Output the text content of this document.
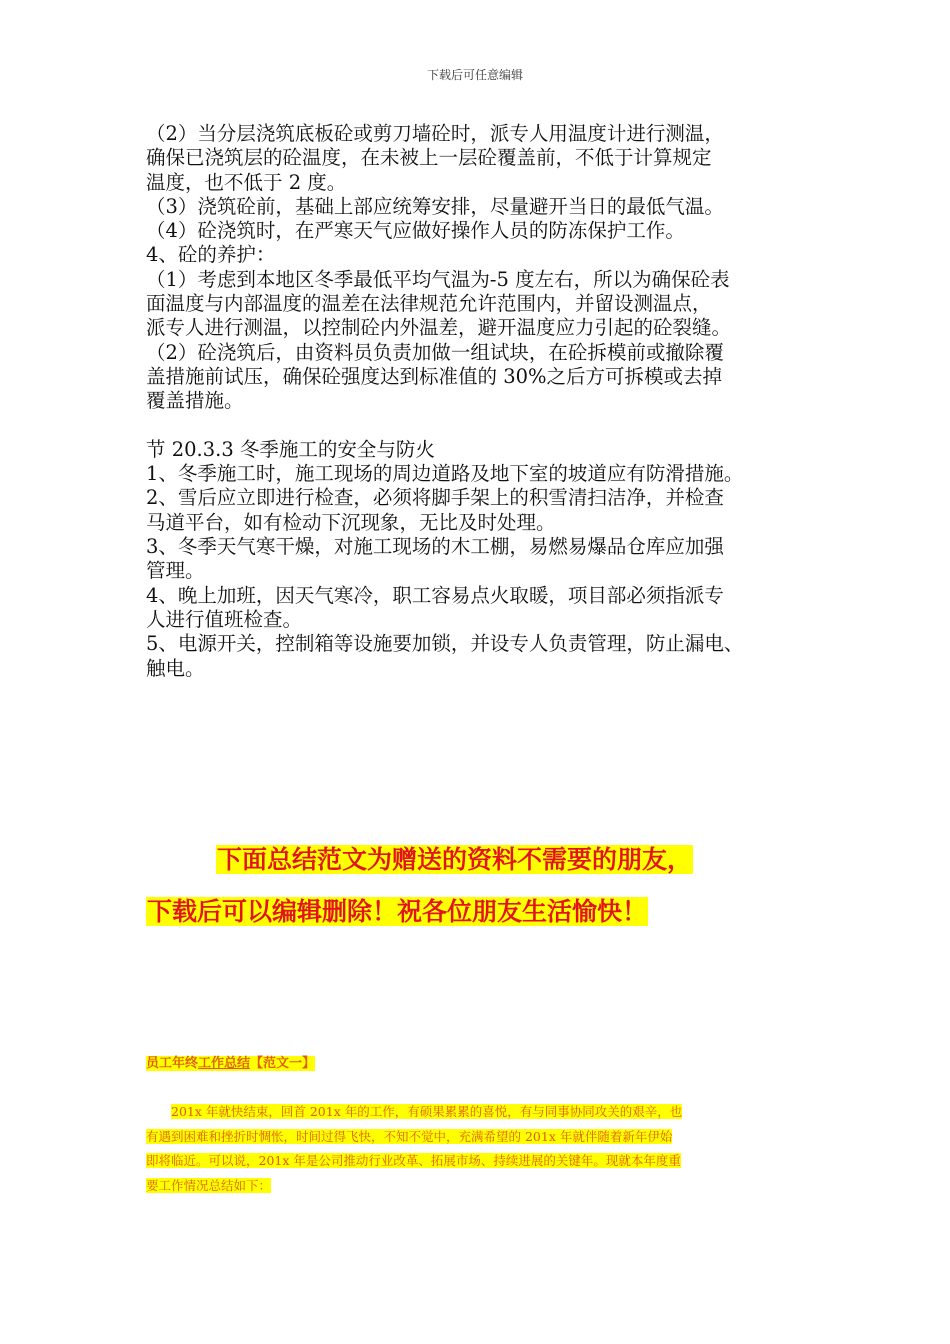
下载后可任意编辑

（2）当分层浇筑底板砼或剪刀墙砼时，派专人用温度计进行测温，

确保已浇筑层的砼温度，在未被上一层砼覆盖前，不低于计算规定

温度，也不低于 2 度。

（3）浇筑砼前，基础上部应统筹安排，尽量避开当日的最低气温。

（4）砼浇筑时，在严寒天气应做好操作人员的防冻保护工作。

4、砼的养护：

（1）考虑到本地区冬季最低平均气温为-5 度左右，所以为确保砼表

面温度与内部温度的温差在法律规范允许范围内，并留设测温点，

派专人进行测温，以控制砼内外温差，避开温度应力引起的砼裂缝。

（2）砼浇筑后，由资料员负责加做一组试块，在砼拆模前或撤除覆

盖措施前试压，确保砼强度达到标准值的 30%之后方可拆模或去掉

覆盖措施。

节 20.3.3 冬季施工的安全与防火

1、冬季施工时，施工现场的周边道路及地下室的坡道应有防滑措施。

2、雪后应立即进行检查，必须将脚手架上的积雪清扫洁净，并检查

马道平台，如有检动下沉现象，无比及时处理。

3、冬季天气寒干燥，对施工现场的木工棚，易燃易爆品仓库应加强

管理。

4、晚上加班，因天气寒冷，职工容易点火取暖，项目部必须指派专

人进行值班检查。

5、电源开关，控制箱等设施要加锁，并设专人负责管理，防止漏电、

触电。

下面总结范文为赠送的资料不需要的朋友，
下载后可以编辑删除！祝各位朋友生活愉快！
员工年终工作总结【范文一】

201x 年就快结束，回首 201x 年的工作，有硕果累累的喜悦，有与同事协同攻关的艰辛，也

有遇到困难和挫折时惆怅，时间过得飞快，不知不觉中，充满希望的 201x 年就伴随着新年伊始

即将临近。可以说，201x 年是公司推动行业改革、拓展市场、持续进展的关键年。现就本年度重

要工作情况总结如下：
